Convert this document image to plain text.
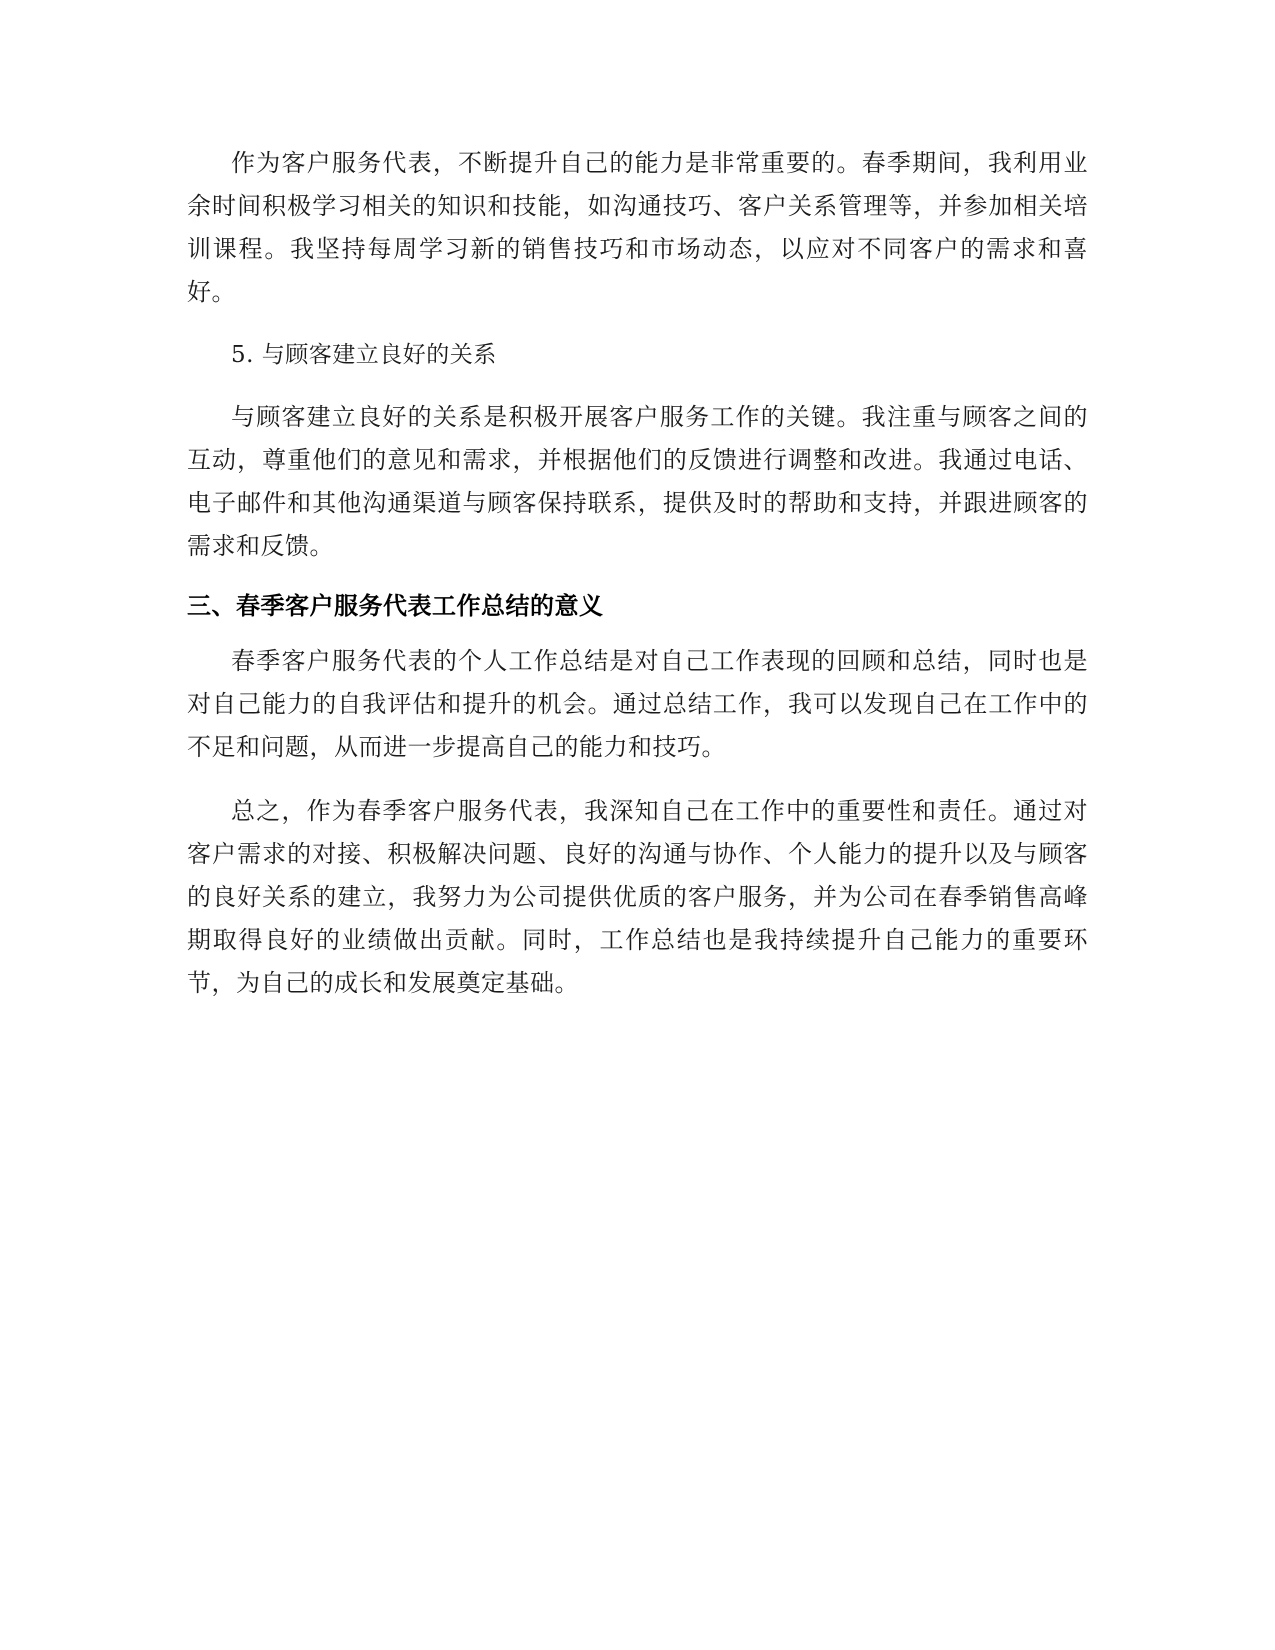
作为客户服务代表，不断提升自己的能力是非常重要的。春季期间，我利用业余时间积极学习相关的知识和技能，如沟通技巧、客户关系管理等，并参加相关培训课程。我坚持每周学习新的销售技巧和市场动态，以应对不同客户的需求和喜好。

5. 与顾客建立良好的关系

与顾客建立良好的关系是积极开展客户服务工作的关键。我注重与顾客之间的互动，尊重他们的意见和需求，并根据他们的反馈进行调整和改进。我通过电话、电子邮件和其他沟通渠道与顾客保持联系，提供及时的帮助和支持，并跟进顾客的需求和反馈。

三、春季客户服务代表工作总结的意义

春季客户服务代表的个人工作总结是对自己工作表现的回顾和总结，同时也是对自己能力的自我评估和提升的机会。通过总结工作，我可以发现自己在工作中的不足和问题，从而进一步提高自己的能力和技巧。

总之，作为春季客户服务代表，我深知自己在工作中的重要性和责任。通过对客户需求的对接、积极解决问题、良好的沟通与协作、个人能力的提升以及与顾客的良好关系的建立，我努力为公司提供优质的客户服务，并为公司在春季销售高峰期取得良好的业绩做出贡献。同时，工作总结也是我持续提升自己能力的重要环节，为自己的成长和发展奠定基础。
